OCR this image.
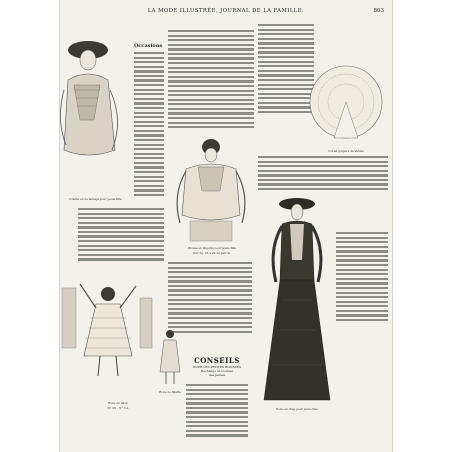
LA MODE ILLUSTRÉE, JOURNAL DE LA FAMILLE.	803
Toilette en de lainage pour jeune fille
Occasions
Blouse en lingerie pour jeune fille
Voir fig. 26 à 29 du patron.
Robe de fillette
CONSEILS
POUR LES PETITES BOURSES
Rechange et bourses
des jeunes
Robe en linon
N° 26 – N° 3 A
Col en guipure de Venise
Robe en drap pour jeune fille
